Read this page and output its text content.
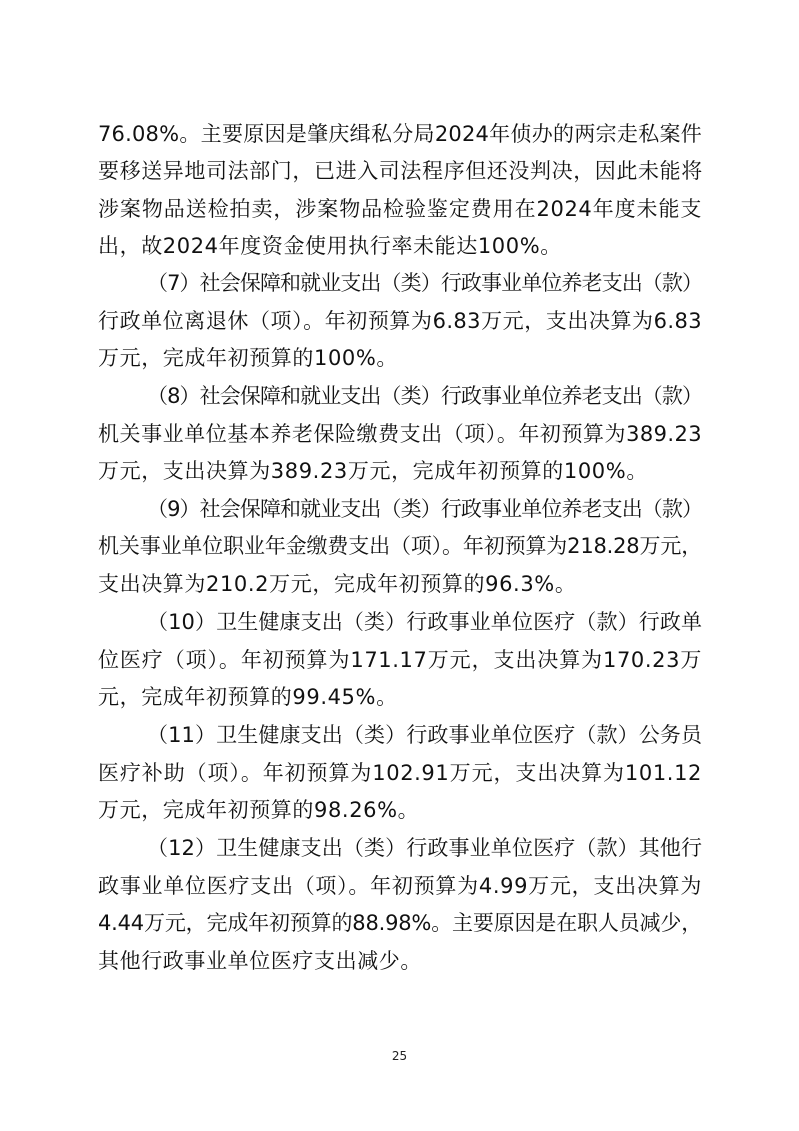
76.08%。主要原因是肇庆缉私分局2024年侦办的两宗走私案件
要移送异地司法部门，已进入司法程序但还没判决，因此未能将
涉案物品送检拍卖，涉案物品检验鉴定费用在2024年度未能支
出，故2024年度资金使用执行率未能达100%。
（7）社会保障和就业支出（类）行政事业单位养老支出（款）
行政单位离退休（项）。年初预算为6.83万元，支出决算为6.83
万元，完成年初预算的100%。
（8）社会保障和就业支出（类）行政事业单位养老支出（款）
机关事业单位基本养老保险缴费支出（项）。年初预算为389.23
万元，支出决算为389.23万元，完成年初预算的100%。
（9）社会保障和就业支出（类）行政事业单位养老支出（款）
机关事业单位职业年金缴费支出（项）。年初预算为218.28万元，
支出决算为210.2万元，完成年初预算的96.3%。
（10）卫生健康支出（类）行政事业单位医疗（款）行政单
位医疗（项）。年初预算为171.17万元，支出决算为170.23万
元，完成年初预算的99.45%。
（11）卫生健康支出（类）行政事业单位医疗（款）公务员
医疗补助（项）。年初预算为102.91万元，支出决算为101.12
万元，完成年初预算的98.26%。
（12）卫生健康支出（类）行政事业单位医疗（款）其他行
政事业单位医疗支出（项）。年初预算为4.99万元，支出决算为
4.44万元，完成年初预算的88.98%。主要原因是在职人员减少，
其他行政事业单位医疗支出减少。
25
